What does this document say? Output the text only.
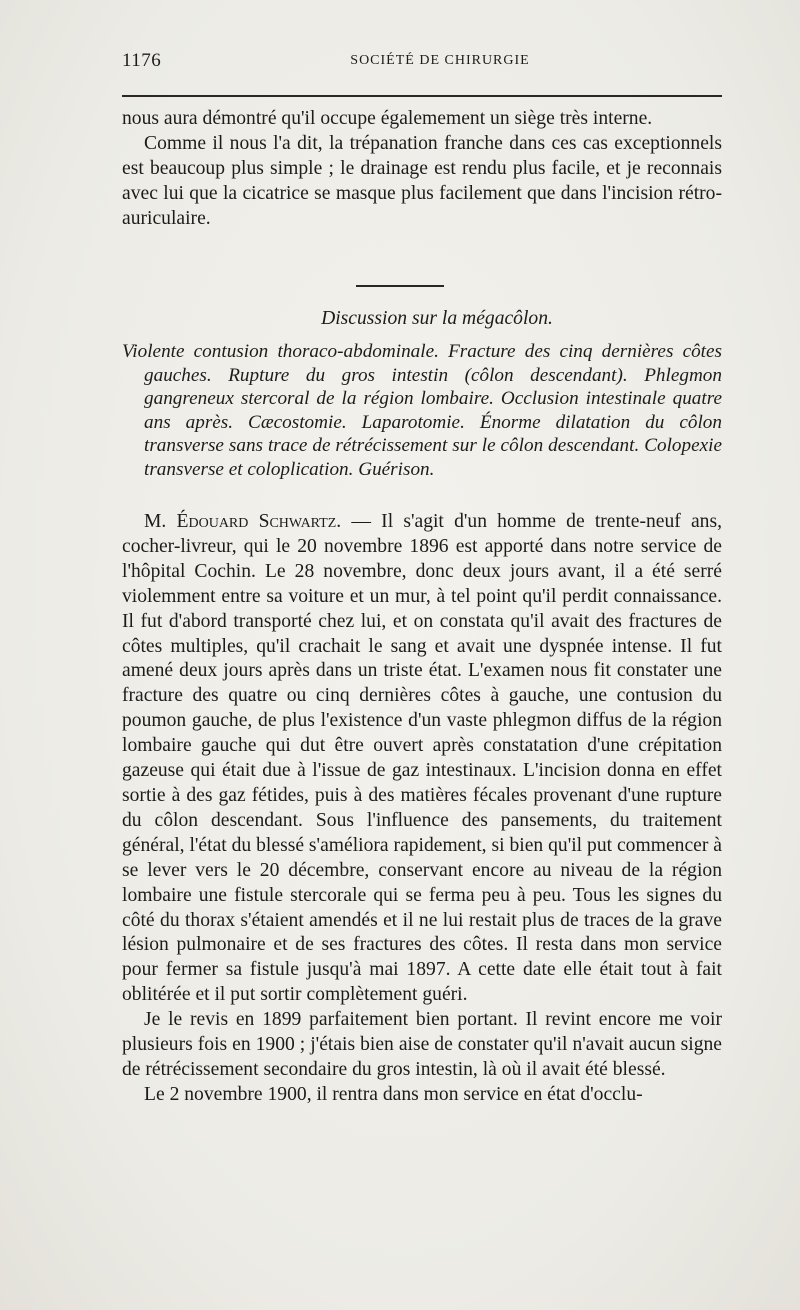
1176	SOCIÉTÉ DE CHIRURGIE

nous aura démontré qu'il occupe égalemement un siège très interne.

Comme il nous l'a dit, la trépanation franche dans ces cas exceptionnels est beaucoup plus simple ; le drainage est rendu plus facile, et je reconnais avec lui que la cicatrice se masque plus facilement que dans l'incision rétro-auriculaire.

Discussion sur la mégacôlon.
Violente contusion thoraco-abdominale. Fracture des cinq dernières côtes gauches. Rupture du gros intestin (côlon descendant). Phlegmon gangreneux stercoral de la région lombaire. Occlusion intestinale quatre ans après. Cæcostomie. Laparotomie. Énorme dilatation du côlon transverse sans trace de rétrécissement sur le côlon descendant. Colopexie transverse et coloplication. Guérison.

M. Édouard Schwartz. — Il s'agit d'un homme de trente-neuf ans, cocher-livreur, qui le 20 novembre 1896 est apporté dans notre service de l'hôpital Cochin. Le 28 novembre, donc deux jours avant, il a été serré violemment entre sa voiture et un mur, à tel point qu'il perdit connaissance. Il fut d'abord transporté chez lui, et on constata qu'il avait des fractures de côtes multiples, qu'il crachait le sang et avait une dyspnée intense. Il fut amené deux jours après dans un triste état. L'examen nous fit constater une fracture des quatre ou cinq dernières côtes à gauche, une contusion du poumon gauche, de plus l'existence d'un vaste phlegmon diffus de la région lombaire gauche qui dut être ouvert après constatation d'une crépitation gazeuse qui était due à l'issue de gaz intestinaux. L'incision donna en effet sortie à des gaz fétides, puis à des matières fécales provenant d'une rupture du côlon descendant. Sous l'influence des pansements, du traitement général, l'état du blessé s'améliora rapidement, si bien qu'il put commencer à se lever vers le 20 décembre, conservant encore au niveau de la région lombaire une fistule stercorale qui se ferma peu à peu. Tous les signes du côté du thorax s'étaient amendés et il ne lui restait plus de traces de la grave lésion pulmonaire et de ses fractures des côtes. Il resta dans mon service pour fermer sa fistule jusqu'à mai 1897. A cette date elle était tout à fait oblitérée et il put sortir complètement guéri.

Je le revis en 1899 parfaitement bien portant. Il revint encore me voir plusieurs fois en 1900 ; j'étais bien aise de constater qu'il n'avait aucun signe de rétrécissement secondaire du gros intestin, là où il avait été blessé.

Le 2 novembre 1900, il rentra dans mon service en état d'occlu-
